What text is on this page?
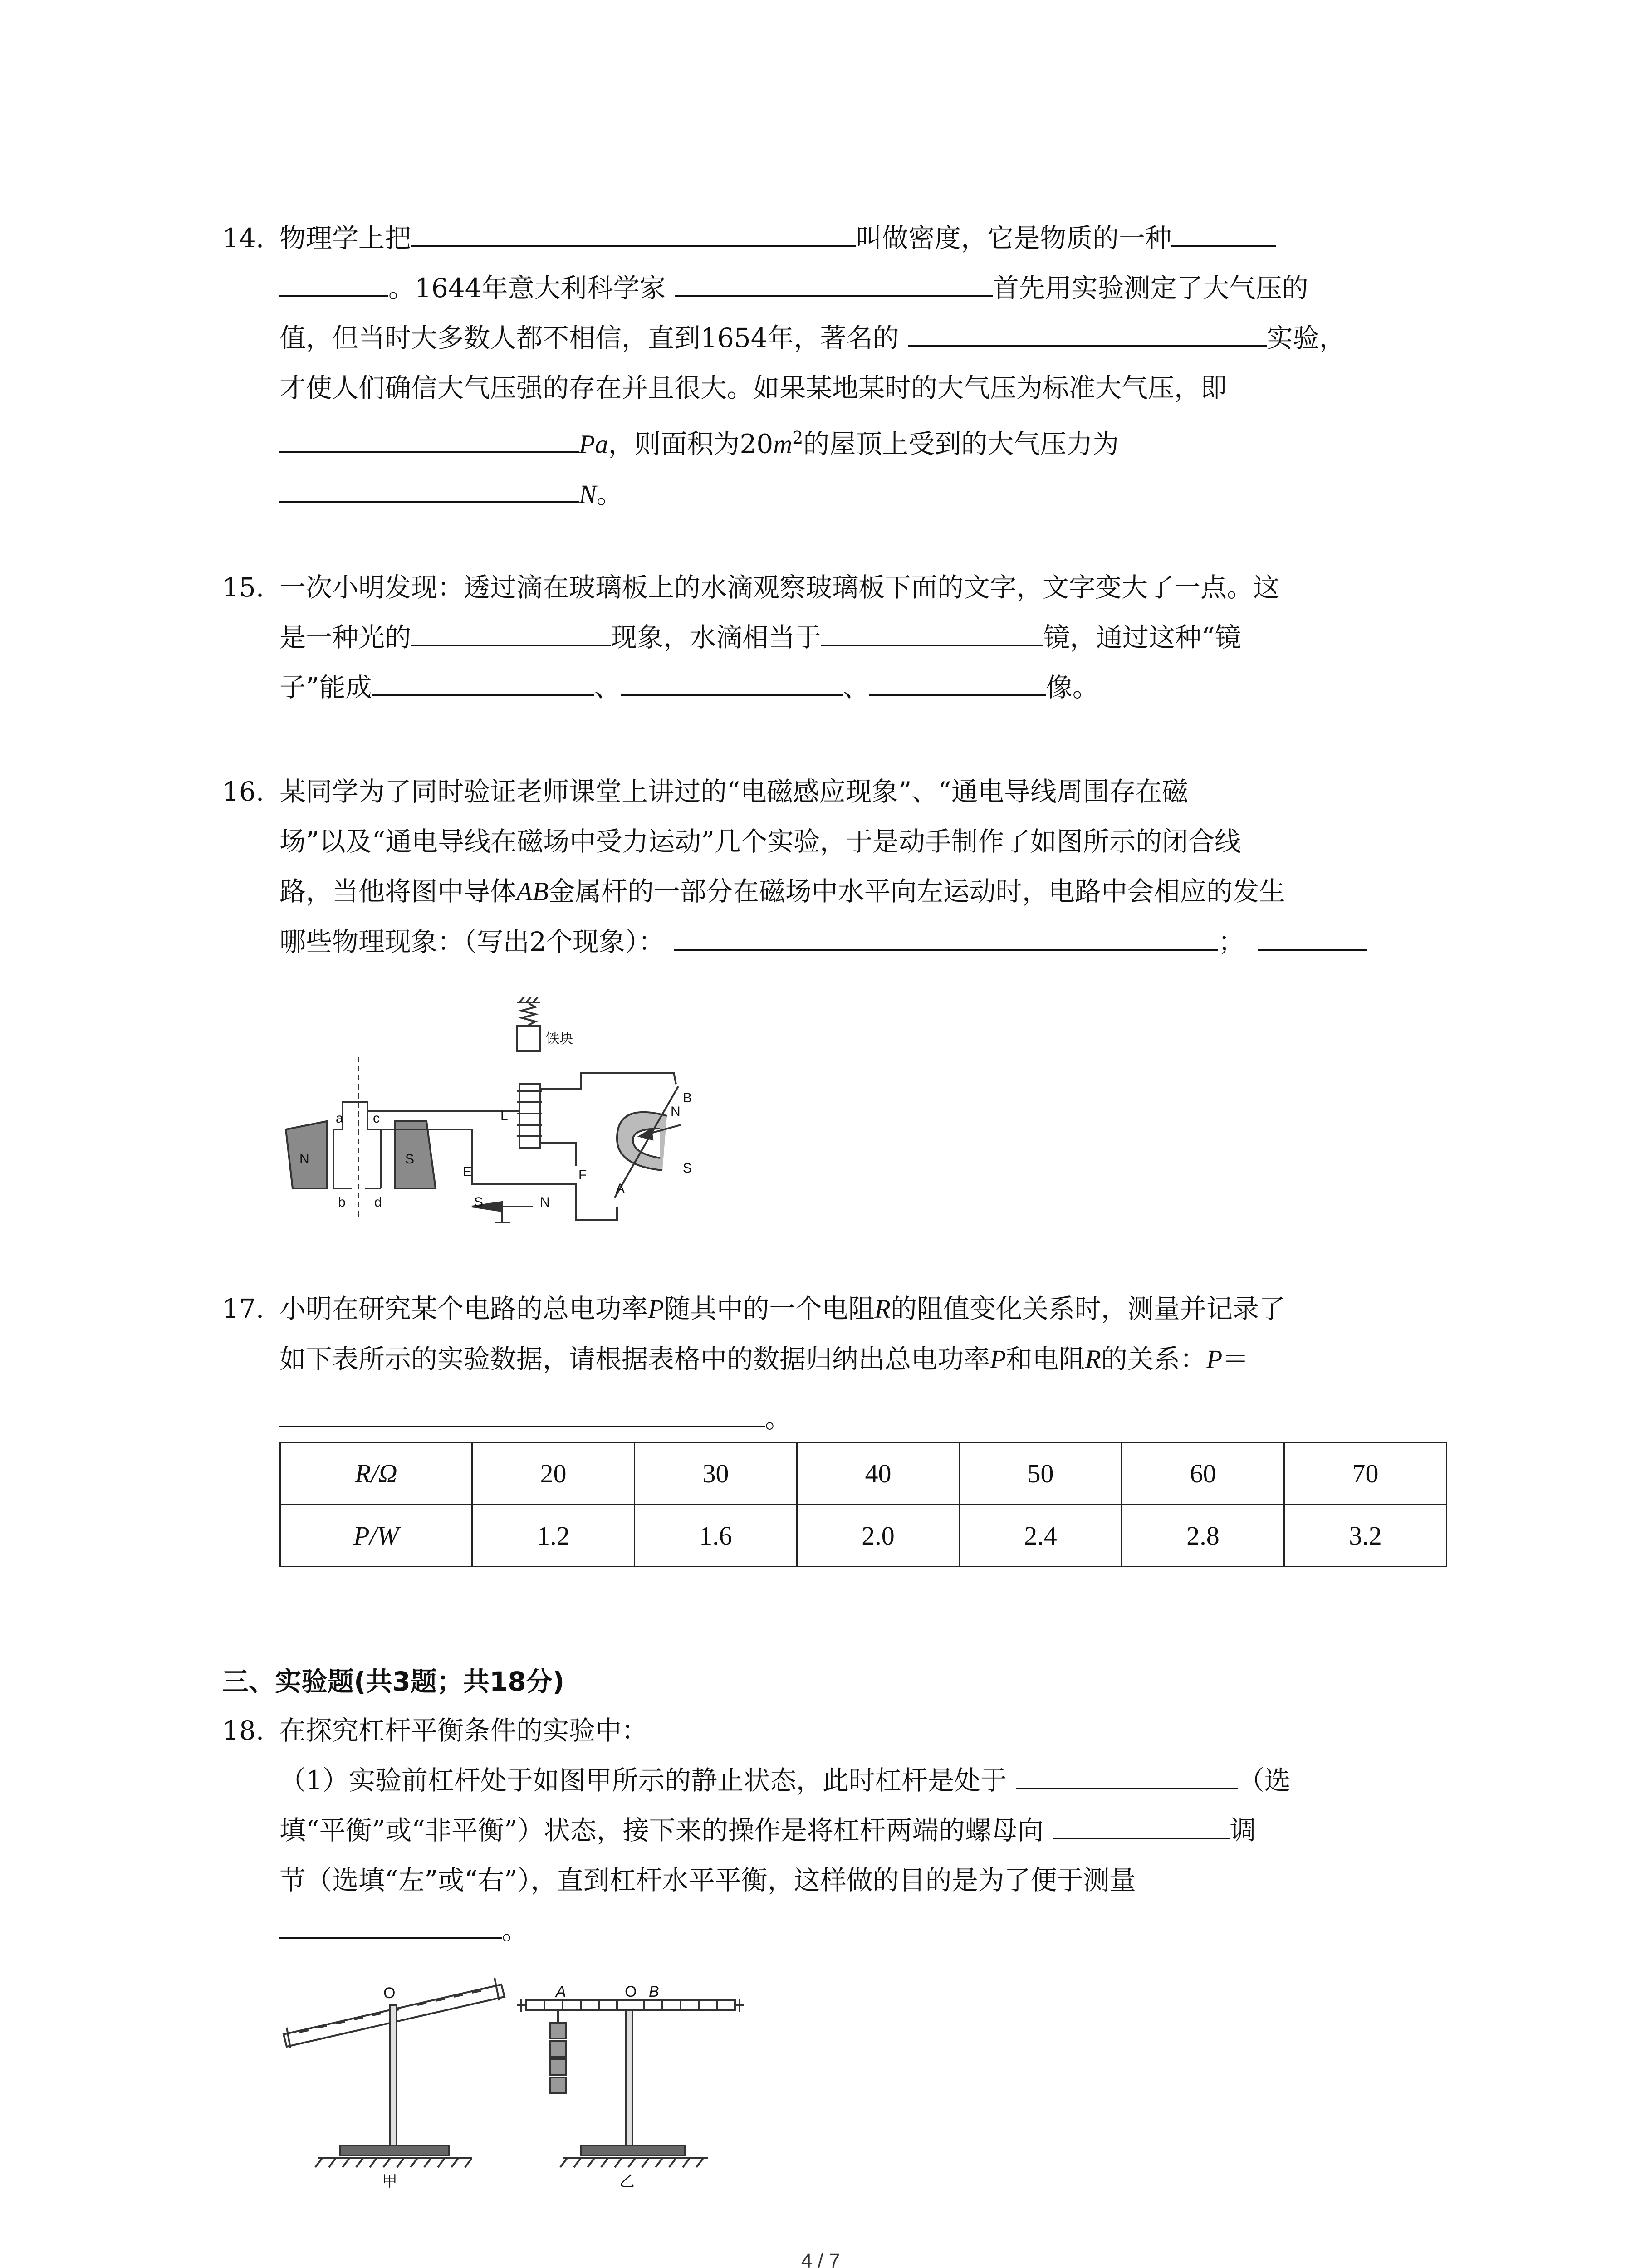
14. 物理学上把	叫做密度，它是物质的一种
。1644年意大利科学家	首先用实验测定了大气压的
值，但当时大多数人都不相信，直到1654年，著名的	实验，
才使人们确信大气压强的存在并且很大。如果某地某时的大气压为标准大气压，即
Pa，则面积为$20m^2$的屋顶上受到的大气压力为
N。
15. 一次小明发现：透过滴在玻璃板上的水滴观察玻璃板下面的文字，文字变大了一点。这
是一种光的	现象，水滴相当于	镜，通过这种“镜
子”能成	、	、	像。
16. 某同学为了同时验证老师课堂上讲过的“电磁感应现象”、“通电导线周围存在磁
场”以及“通电导线在磁场中受力运动”几个实验，于是动手制作了如图所示的闭合线
路，当他将图中导体AB金属杆的一部分在磁场中水平向左运动时，电路中会相应的发生
哪些物理现象：（写出2个现象）：	；
铁块
N	S
a
b
c
d
L
E	F
S	N
N
S
A
B
17. 小明在研究某个电路的总电功率P随其中的一个电阻R的阻值变化关系时，测量并记录了
如下表所示的实验数据，请根据表格中的数据归纳出总电功率P和电阻R的关系：P＝
。
R/Ω	20	30	40	50	60	70
P/W	1.2	1.6	2.0	2.4	2.8	3.2
三、实验题(共3题；共18分)
18. 在探究杠杆平衡条件的实验中：
（1）实验前杠杆处于如图甲所示的静止状态，此时杠杆是处于	（选
填“平衡”或“非平衡”）状态，接下来的操作是将杠杆两端的螺母向	调
节（选填“左”或“右”），直到杠杆水平平衡，这样做的目的是为了便于测量
。
O	A	O B
甲	乙
4 / 7
